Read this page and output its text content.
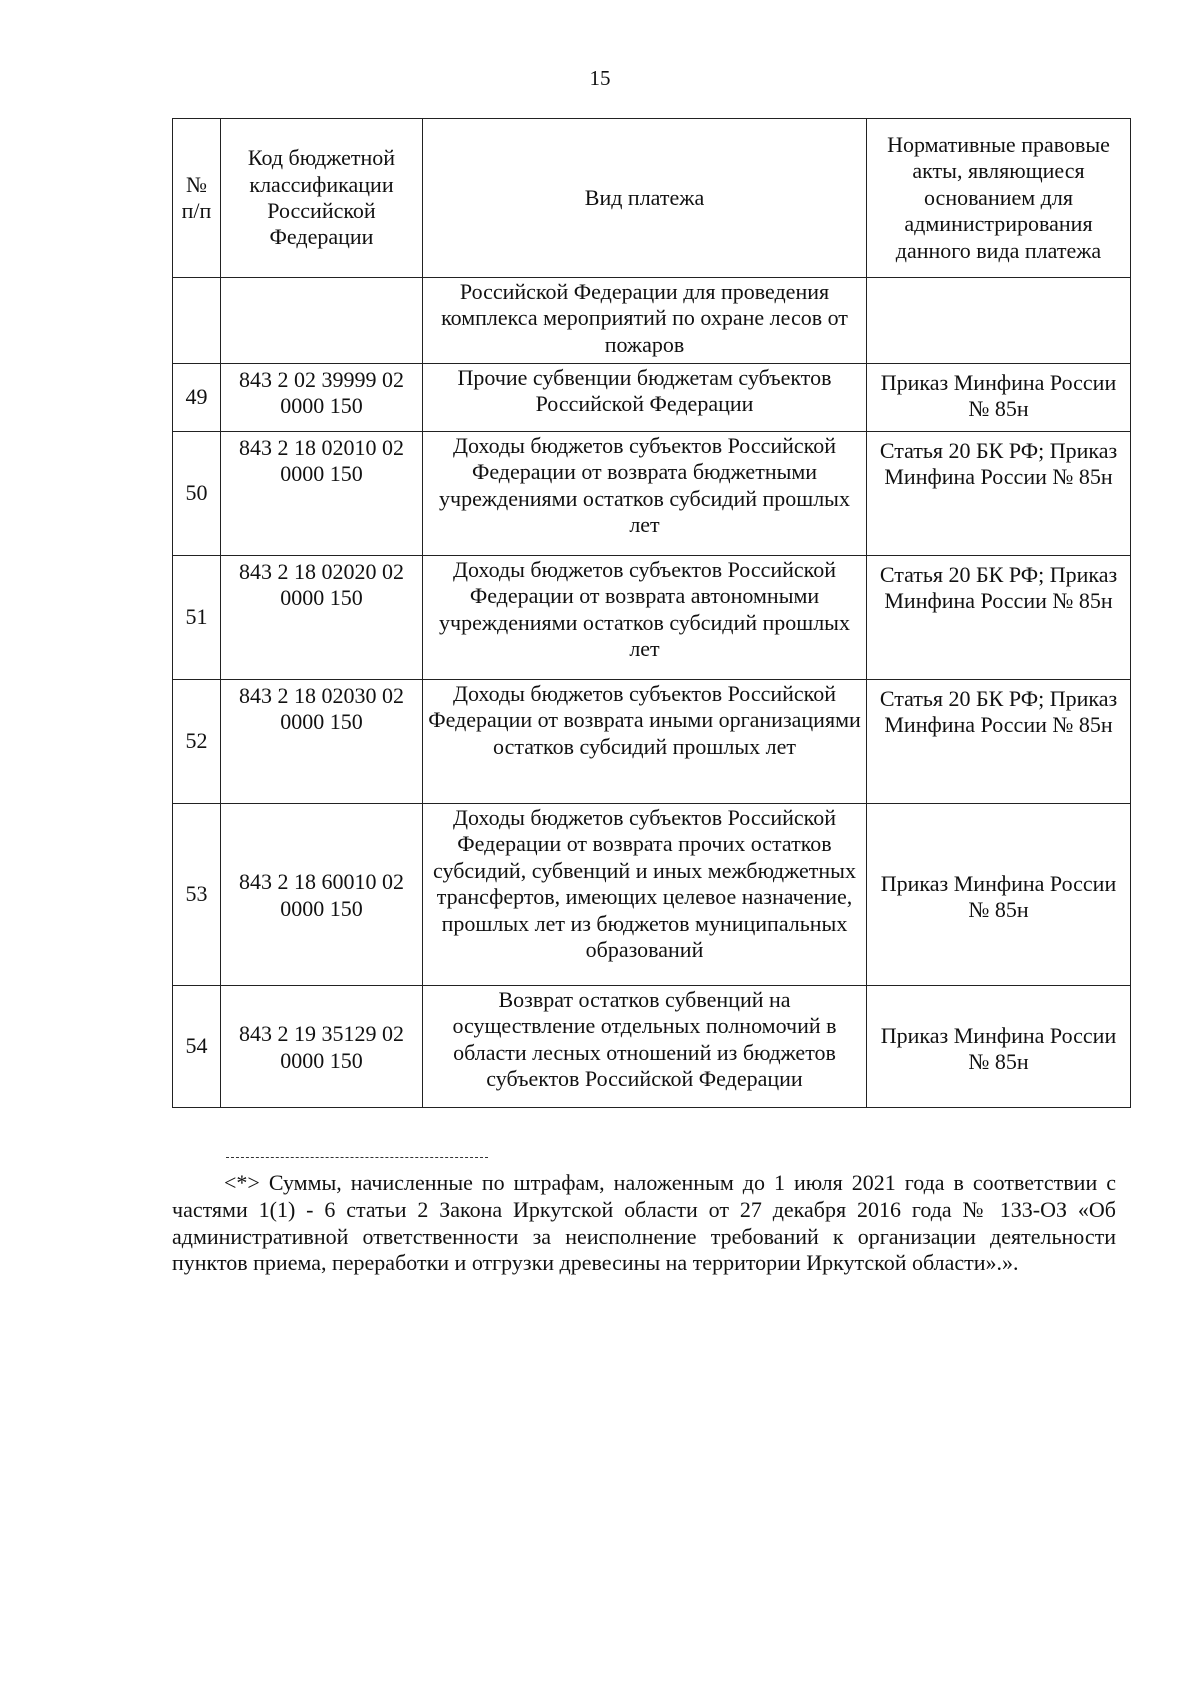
15
№ п/п	Код бюджетной классификации Российской Федерации	Вид платежа	Нормативные правовые акты, являющиеся основанием для администрирования данного вида платежа
		Российской Федерации для проведения комплекса мероприятий по охране лесов от пожаров	
49	843 2 02 39999 02 0000 150	Прочие субвенции бюджетам субъектов Российской Федерации	Приказ Минфина России № 85н
50	843 2 18 02010 02 0000 150	Доходы бюджетов субъектов Российской Федерации от возврата бюджетными учреждениями остатков субсидий прошлых лет	Статья 20 БК РФ; Приказ Минфина России № 85н
51	843 2 18 02020 02 0000 150	Доходы бюджетов субъектов Российской Федерации от возврата автономными учреждениями остатков субсидий прошлых лет	Статья 20 БК РФ; Приказ Минфина России № 85н
52	843 2 18 02030 02 0000 150	Доходы бюджетов субъектов Российской Федерации от возврата иными организациями остатков субсидий прошлых лет	Статья 20 БК РФ; Приказ Минфина России № 85н
53	843 2 18 60010 02 0000 150	Доходы бюджетов субъектов Российской Федерации от возврата прочих остатков субсидий, субвенций и иных межбюджетных трансфертов, имеющих целевое назначение, прошлых лет из бюджетов муниципальных образований	Приказ Минфина России № 85н
54	843 2 19 35129 02 0000 150	Возврат остатков субвенций на осуществление отдельных полномочий в области лесных отношений из бюджетов субъектов Российской Федерации	Приказ Минфина России № 85н
<*> Суммы, начисленные по штрафам, наложенным до 1 июля 2021 года в соответствии с частями 1(1) - 6 статьи 2 Закона Иркутской области от 27 декабря 2016 года № 133-ОЗ «Об административной ответственности за неисполнение требований к организации деятельности пунктов приема, переработки и отгрузки древесины на территории Иркутской области».».
